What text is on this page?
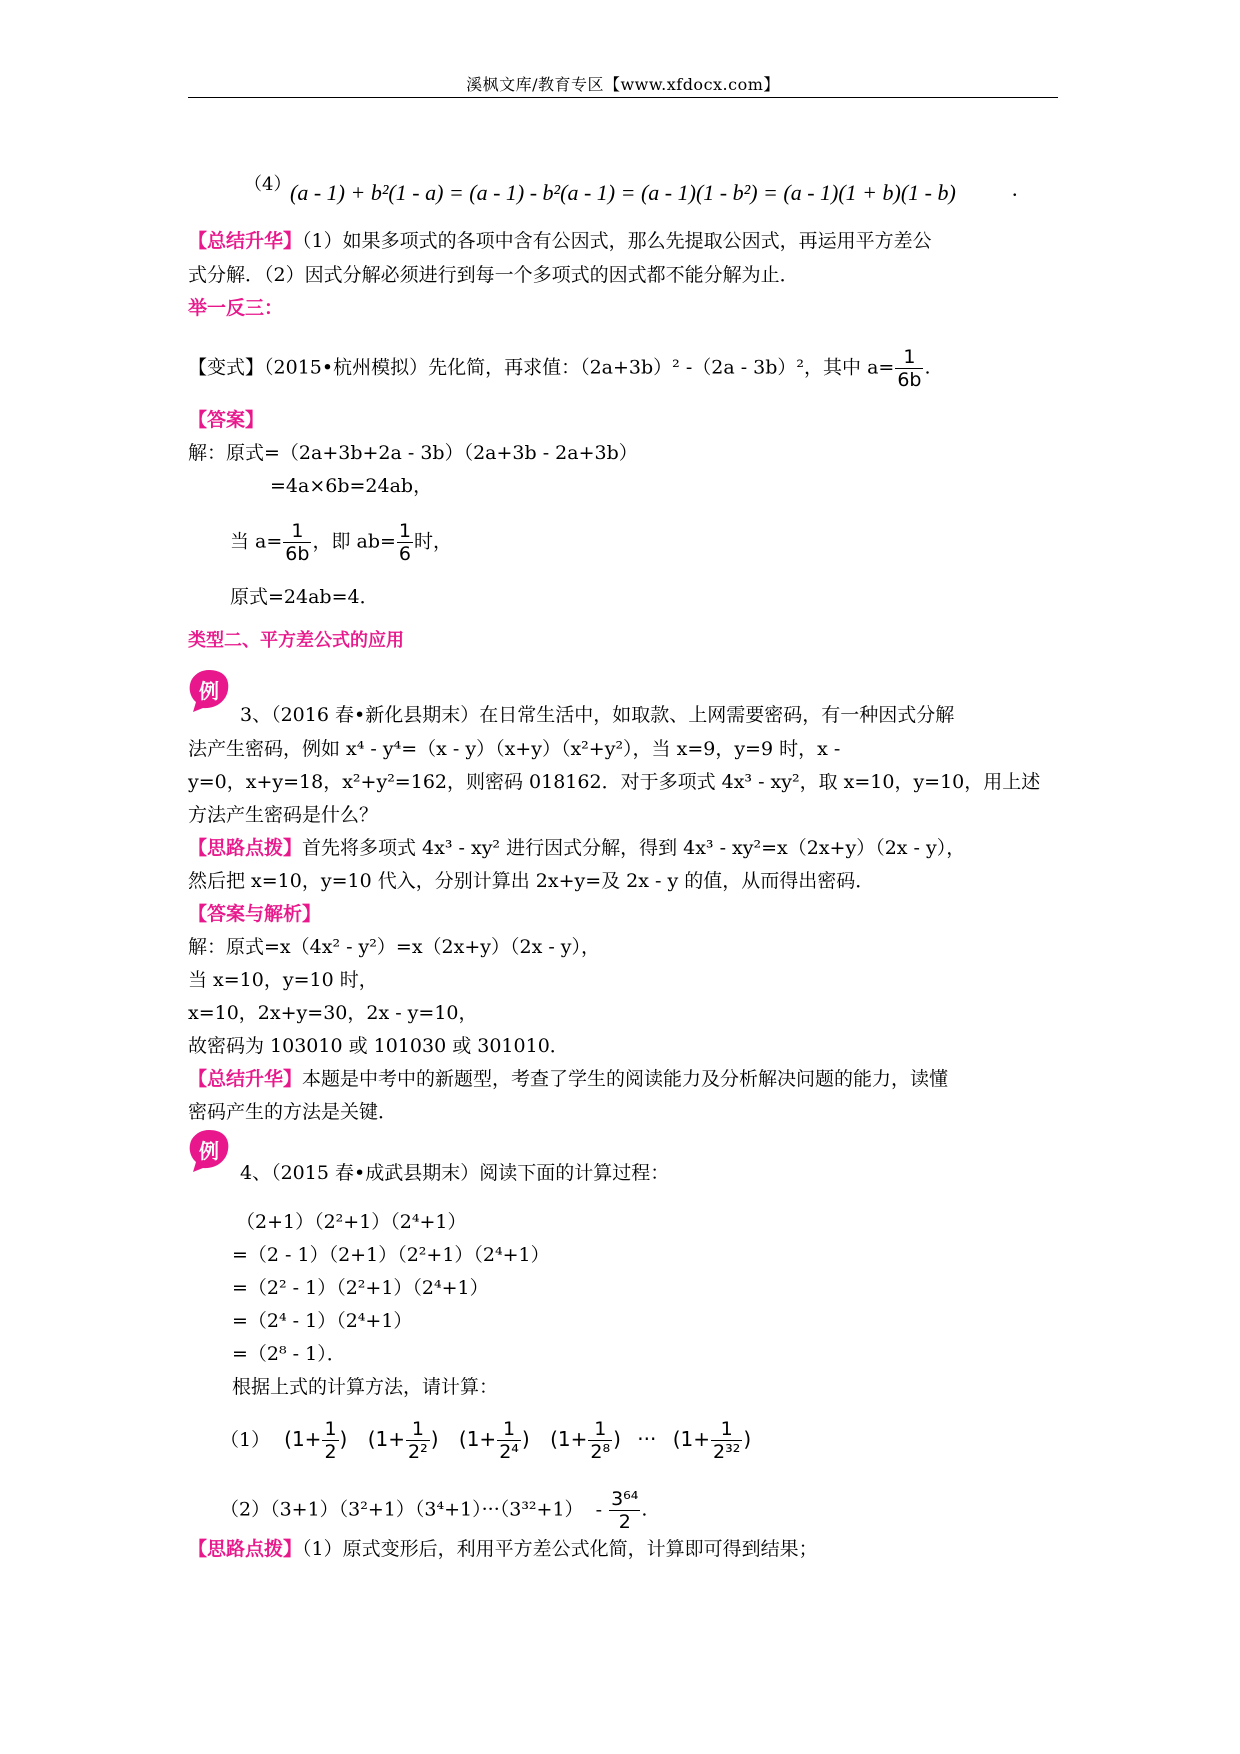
溪枫文库/教育专区【www.xfdocx.com】
（4）
(a - 1) + b²(1 - a) = (a - 1) - b²(a - 1) = (a - 1)(1 - b²) = (a - 1)(1 + b)(1 - b)	.
【总结升华】（1）如果多项式的各项中含有公因式，那么先提取公因式，再运用平方差公
式分解．（2）因式分解必须进行到每一个多项式的因式都不能分解为止．
举一反三：
【变式】（2015•杭州模拟）先化简，再求值：（2a+3b）² -（2a - 3b）²，其中 $a= \frac{1}{6b}$ .
【答案】
解：原式=（2a+3b+2a - 3b）（2a+3b - 2a+3b）
=4a×6b=24ab，
当 $a= \frac{1}{6b}$ ，即 $ab= \frac{1}{6}$ 时，
原式=24ab=4．
类型二、平方差公式的应用
例
3、（2016 春•新化县期末）在日常生活中，如取款、上网需要密码，有一种因式分解
法产生密码，例如 x⁴ - y⁴=（x - y）（x+y）（x²+y²），当 x=9，y=9 时，x -
y=0，x+y=18，x²+y²=162，则密码 018162．对于多项式 4x³ - xy²，取 x=10，y=10，用上述
方法产生密码是什么？
【思路点拨】首先将多项式 4x³ - xy² 进行因式分解，得到 4x³ - xy²=x（2x+y）（2x - y），
然后把 x=10，y=10 代入，分别计算出 2x+y=及 2x - y 的值，从而得出密码．
【答案与解析】
解：原式=x（4x² - y²）=x（2x+y）（2x - y），
当 x=10，y=10 时，
x=10，2x+y=30，2x - y=10，
故密码为 103010 或 101030 或 301010．
【总结升华】本题是中考中的新题型，考查了学生的阅读能力及分析解决问题的能力，读懂
密码产生的方法是关键．
例
4、（2015 春•成武县期末）阅读下面的计算过程：
（2+1）（2²+1）（2⁴+1）
=（2 - 1）（2+1）（2²+1）（2⁴+1）
=（2² - 1）（2²+1）（2⁴+1）
=（2⁴ - 1）（2⁴+1）
=（2⁸ - 1）．
根据上式的计算方法，请计算：
（1） ($1+ \frac{1}{2}$ ) ($1+ \frac{1}{\text{2²}}$ ) ($1+ \frac{1}{\text{2⁴}}$ ) ($1+ \frac{1}{\text{2⁸}}$ ) ··· ($1+ \frac{1}{\text{2³²}}$ )
$(2)(3+1)(3^2+1)(3^4+1)\cdot\cdot\cdot(3^{32}+1) - \frac{\text{3⁶⁴}}{2}$ .
【思路点拨】（1）原式变形后，利用平方差公式化简，计算即可得到结果；
